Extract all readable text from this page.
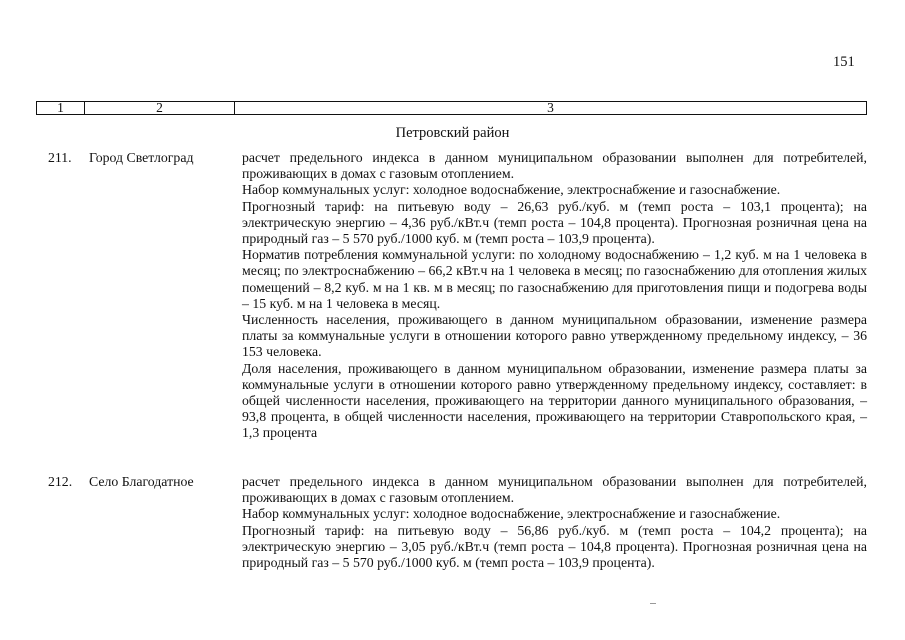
151
1	2	3
Петровский район
211. Город Светлоград	расчет предельного индекса в данном муниципальном образовании выполнен для потребителей, проживающих в домах с газовым отоплением.

Набор коммунальных услуг: холодное водоснабжение, электроснабжение и газоснабжение.

Прогнозный тариф: на питьевую воду – 26,63 руб./куб. м (темп роста – 103,1 процента); на электрическую энергию – 4,36 руб./кВт.ч (темп роста – 104,8 процента). Прогнозная розничная цена на природный газ – 5 570 руб./1000 куб. м (темп роста – 103,9 процента).

Норматив потребления коммунальной услуги: по холодному водоснабжению – 1,2 куб. м на 1 человека в месяц; по электроснабжению – 66,2 кВт.ч на 1 человека в месяц; по газоснабжению для отопления жилых помещений – 8,2 куб. м на 1 кв. м в месяц; по газоснабжению для приготовления пищи и подогрева воды – 15 куб. м на 1 человека в месяц.

Численность населения, проживающего в данном муниципальном образовании, изменение размера платы за коммунальные услуги в отношении которого равно утвержденному предельному индексу, – 36 153 человека.

Доля населения, проживающего в данном муниципальном образовании, изменение размера платы за коммунальные услуги в отношении которого равно утвержденному предельному индексу, составляет: в общей численности населения, проживающего на территории данного муниципального образования, – 93,8 процента, в общей численности населения, проживающего на территории Ставропольского края, – 1,3 процента

212. Село Благодатное	расчет предельного индекса в данном муниципальном образовании выполнен для потребителей, проживающих в домах с газовым отоплением.

Набор коммунальных услуг: холодное водоснабжение, электроснабжение и газоснабжение.

Прогнозный тариф: на питьевую воду – 56,86 руб./куб. м (темп роста – 104,2 процента); на электрическую энергию – 3,05 руб./кВт.ч (темп роста – 104,8 процента). Прогнозная розничная цена на природный газ – 5 570 руб./1000 куб. м (темп роста – 103,9 процента).
